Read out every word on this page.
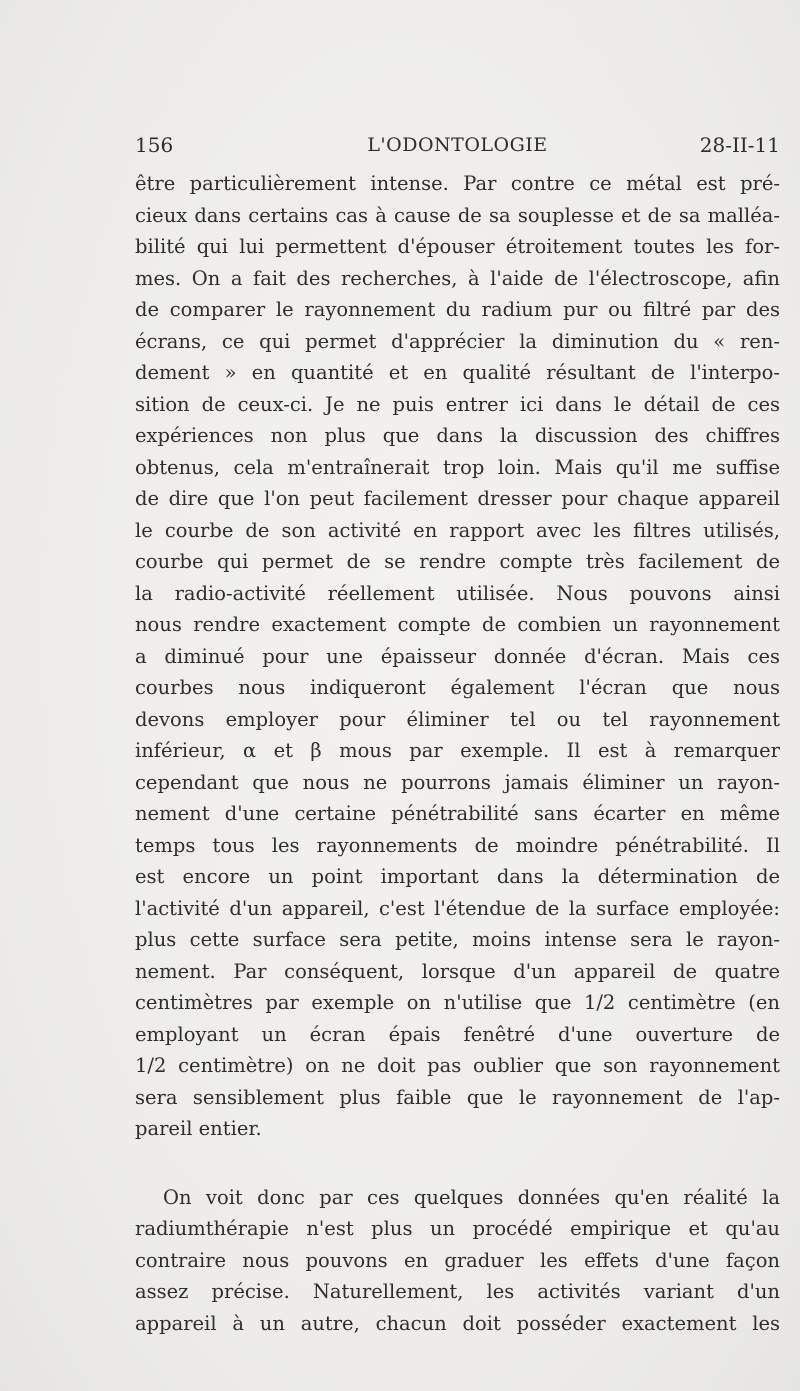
156	L'ODONTOLOGIE	28-II-11

être particulièrement intense. Par contre ce métal est pré-
cieux dans certains cas à cause de sa souplesse et de sa malléa-
bilité qui lui permettent d'épouser étroitement toutes les for-
mes. On a fait des recherches, à l'aide de l'électroscope, afin
de comparer le rayonnement du radium pur ou filtré par des
écrans, ce qui permet d'apprécier la diminution du « ren-
dement » en quantité et en qualité résultant de l'interpo-
sition de ceux-ci. Je ne puis entrer ici dans le détail de ces
expériences non plus que dans la discussion des chiffres
obtenus, cela m'entraînerait trop loin. Mais qu'il me suffise
de dire que l'on peut facilement dresser pour chaque appareil
le courbe de son activité en rapport avec les filtres utilisés,
courbe qui permet de se rendre compte très facilement de
la radio-activité réellement utilisée. Nous pouvons ainsi
nous rendre exactement compte de combien un rayonnement
a diminué pour une épaisseur donnée d'écran. Mais ces
courbes nous indiqueront également l'écran que nous
devons employer pour éliminer tel ou tel rayonnement
inférieur, α et β mous par exemple. Il est à remarquer
cependant que nous ne pourrons jamais éliminer un rayon-
nement d'une certaine pénétrabilité sans écarter en même
temps tous les rayonnements de moindre pénétrabilité. Il
est encore un point important dans la détermination de
l'activité d'un appareil, c'est l'étendue de la surface employée:
plus cette surface sera petite, moins intense sera le rayon-
nement. Par conséquent, lorsque d'un appareil de quatre
centimètres par exemple on n'utilise que 1/2 centimètre (en
employant un écran épais fenêtré d'une ouverture de
1/2 centimètre) on ne doit pas oublier que son rayonnement
sera sensiblement plus faible que le rayonnement de l'ap-
pareil entier.

On voit donc par ces quelques données qu'en réalité la
radiumthérapie n'est plus un procédé empirique et qu'au
contraire nous pouvons en graduer les effets d'une façon
assez précise. Naturellement, les activités variant d'un
appareil à un autre, chacun doit posséder exactement les
